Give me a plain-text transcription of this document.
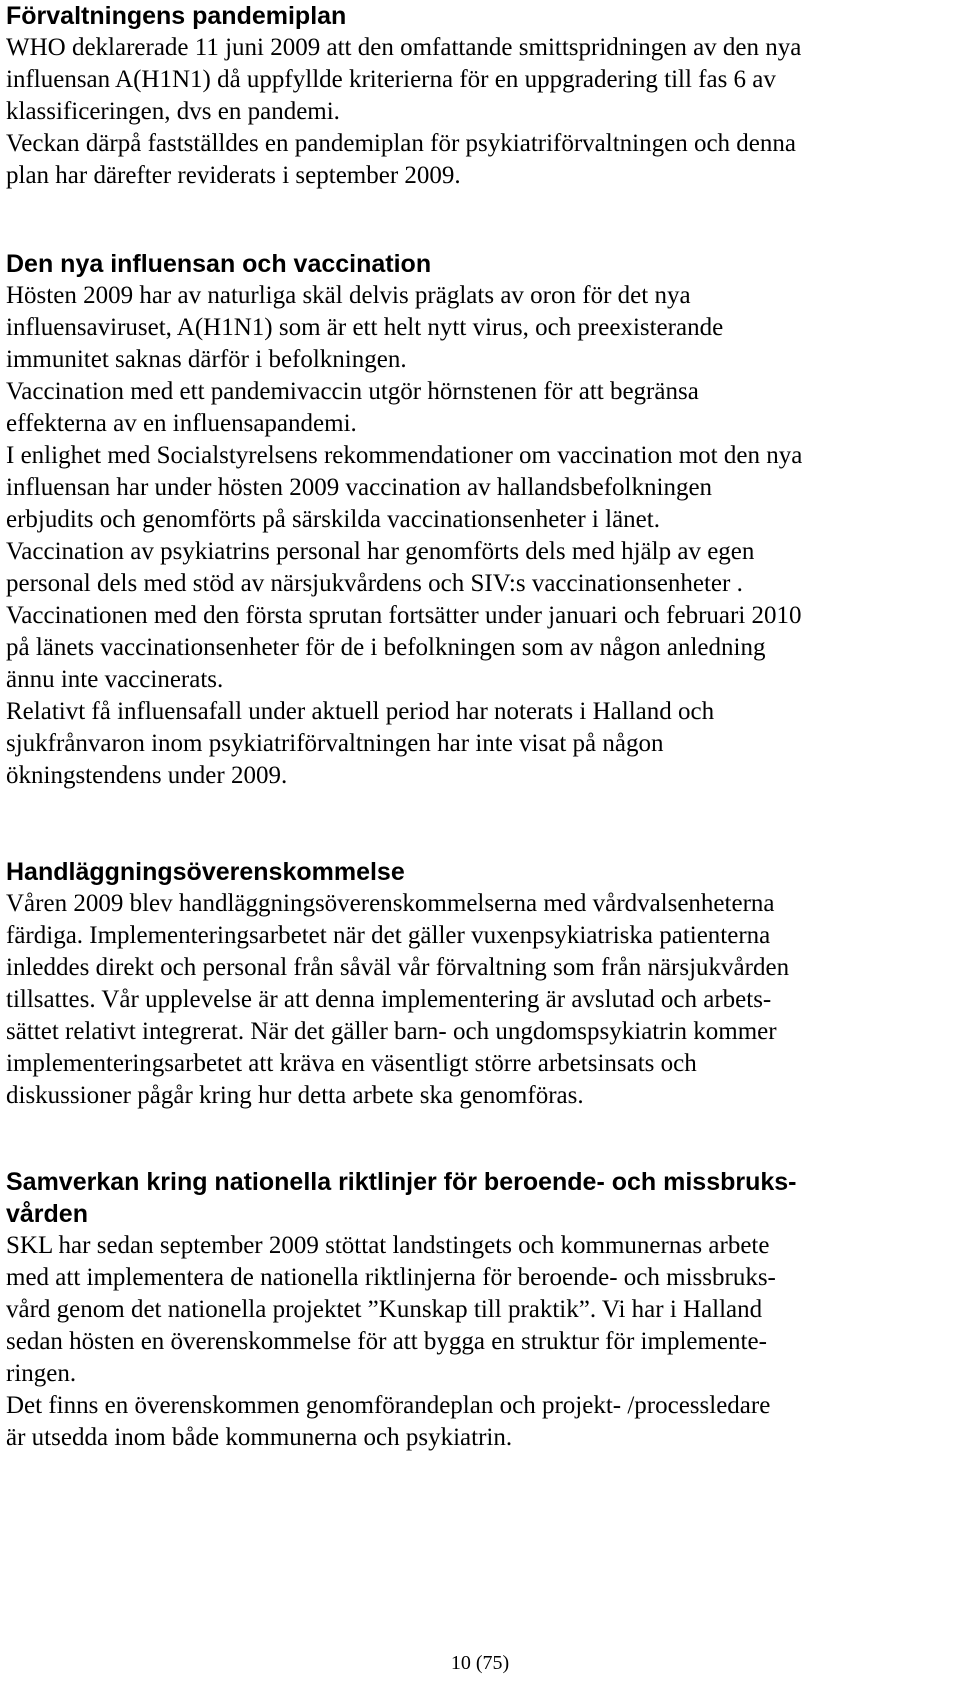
Förvaltningens pandemiplan
WHO deklarerade 11 juni 2009 att den omfattande smittspridningen av den nya
influensan A(H1N1) då uppfyllde kriterierna för en uppgradering till fas 6 av
klassificeringen, dvs en pandemi.
Veckan därpå fastställdes en pandemiplan för psykiatriförvaltningen och denna
plan har därefter reviderats i september 2009.
Den nya influensan och vaccination
Hösten 2009 har av naturliga skäl delvis präglats av oron för det nya
influensaviruset, A(H1N1) som är ett helt nytt virus, och preexisterande
immunitet saknas därför i befolkningen.
Vaccination med ett pandemivaccin utgör hörnstenen för att begränsa
effekterna av en influensapandemi.
I enlighet med Socialstyrelsens rekommendationer om vaccination mot den nya
influensan har under hösten 2009 vaccination av hallandsbefolkningen
erbjudits och genomförts på särskilda vaccinationsenheter i länet.
Vaccination av psykiatrins personal har genomförts dels med hjälp av egen
personal dels med stöd av närsjukvårdens och SIV:s vaccinationsenheter .
Vaccinationen med den första sprutan fortsätter under januari och februari 2010
på länets vaccinationsenheter för de i befolkningen som av någon anledning
ännu inte vaccinerats.
Relativt få influensafall under aktuell period har noterats i Halland och
sjukfrånvaron inom psykiatriförvaltningen har inte visat på någon
ökningstendens under 2009.
Handläggningsöverenskommelse
Våren 2009 blev handläggningsöverenskommelserna med vårdvalsenheterna
färdiga. Implementeringsarbetet när det gäller vuxenpsykiatriska patienterna
inleddes direkt och personal från såväl vår förvaltning som från närsjukvården
tillsattes. Vår upplevelse är att denna implementering är avslutad och arbets-
sättet relativt integrerat. När det gäller barn- och ungdomspsykiatrin kommer
implementeringsarbetet att kräva en väsentligt större arbetsinsats och
diskussioner pågår kring hur detta arbete ska genomföras.
Samverkan kring nationella riktlinjer för beroende- och missbruks-
vården
SKL har sedan september 2009 stöttat landstingets och kommunernas arbete
med att implementera de nationella riktlinjerna för beroende- och missbruks-
vård genom det nationella projektet ”Kunskap till praktik”. Vi har i Halland
sedan hösten en överenskommelse för att bygga en struktur för implemente-
ringen.
Det finns en överenskommen genomförandeplan och projekt- /processledare
är utsedda inom både kommunerna och psykiatrin.
10 (75)
